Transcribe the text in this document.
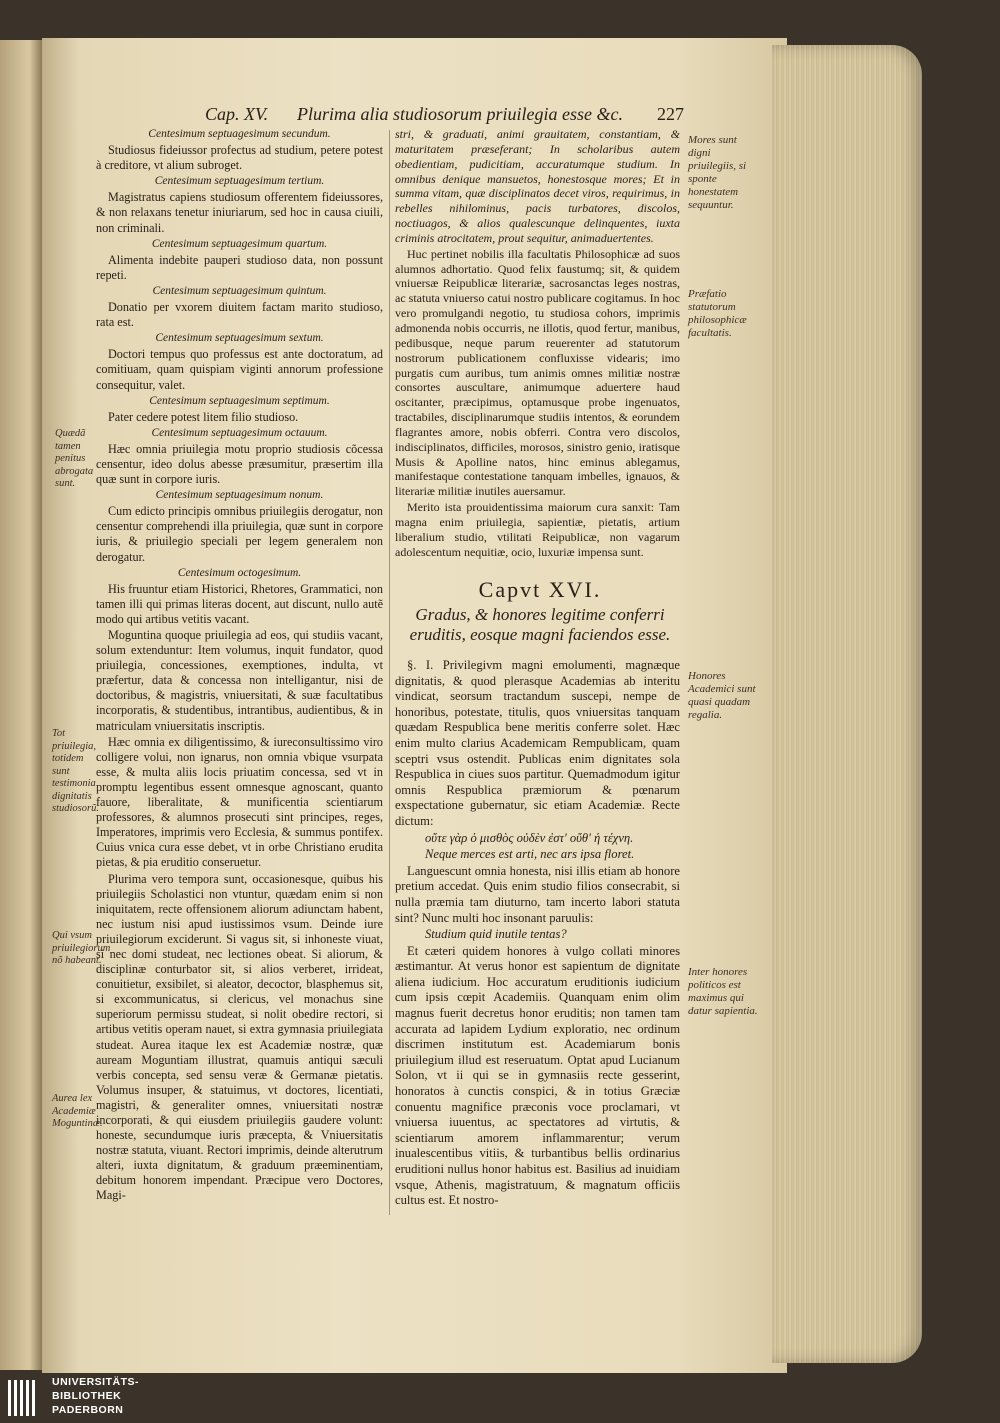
Cap. XV. Plurima alia studiosorum priuilegia esse &c. 227

Centesimum septuagesimum secundum.

Studiosus fideiussor profectus ad studium, petere potest à creditore, vt alium subroget.

Centesimum septuagesimum tertium.

Magistratus capiens studiosum offerentem fideiussores, & non relaxans tenetur iniuriarum, sed hoc in causa ciuili, non criminali.

Centesimum septuagesimum quartum.

Alimenta indebite pauperi studioso data, non possunt repeti.

Centesimum septuagesimum quintum.

Donatio per vxorem diuitem factam marito studioso, rata est.

Centesimum septuagesimum sextum.

Doctori tempus quo professus est ante doctoratum, ad comitiuam, quam quispiam viginti annorum professione consequitur, valet.

Centesimum septuagesimum septimum.

Pater cedere potest litem filio studioso.

Centesimum septuagesimum octauum.

Hæc omnia priuilegia motu proprio studiosis cõcessa censentur, ideo dolus abesse præsumitur, præsertim illa quæ sunt in corpore iuris.

Centesimum septuagesimum nonum.

Cum edicto principis omnibus priuilegiis derogatur, non censentur comprehendi illa priuilegia, quæ sunt in corpore iuris, & priuilegio speciali per legem generalem non derogatur.

Centesimum octogesimum.

His fruuntur etiam Historici, Rhetores, Grammatici, non tamen illi qui primas literas docent, aut discunt, nullo autẽ modo qui artibus vetitis vacant.

Moguntina quoque priuilegia ad eos, qui studiis vacant, solum extenduntur: Item volumus, inquit fundator, quod priuilegia, concessiones, exemptiones, indulta, vt præfertur, data & concessa non intelligantur, nisi de doctoribus, & magistris, vniuersitati, & suæ facultatibus incorporatis, & studentibus, intrantibus, audientibus, & in matriculam vniuersitatis inscriptis.

Hæc omnia ex diligentissimo, & iureconsultissimo viro colligere volui, non ignarus, non omnia vbique vsurpata esse, & multa aliis locis priuatim concessa, sed vt in promptu legentibus essent omnesque agnoscant, quanto fauore, liberalitate, & munificentia scientiarum professores, & alumnos prosecuti sint principes, reges, Imperatores, imprimis vero Ecclesia, & summus pontifex. Cuius vnica cura esse debet, vt in orbe Christiano erudita pietas, & pia eruditio conseruetur.

Plurima vero tempora sunt, occasionesque, quibus his priuilegiis Scholastici non vtuntur, quædam enim si non iniquitatem, recte offensionem aliorum adiunctam habent, nec iustum nisi apud iustissimos vsum. Deinde iure priuilegiorum exciderunt. Si vagus sit, si inhoneste viuat, si nec domi studeat, nec lectiones obeat. Si aliorum, & disciplinæ conturbator sit, si alios verberet, irrideat, conuitietur, exsibilet, si aleator, decoctor, blasphemus sit, si excommunicatus, si clericus, vel monachus sine superiorum permissu studeat, si nolit obedire rectori, si artibus vetitis operam nauet, si extra gymnasia priuilegiata studeat. Aurea itaque lex est Academiæ nostræ, quæ auream Moguntiam illustrat, quamuis antiqui sæculi verbis concepta, sed sensu veræ & Germanæ pietatis. Volumus insuper, & statuimus, vt doctores, licentiati, magistri, & generaliter omnes, vniuersitati nostræ incorporati, & qui eiusdem priuilegiis gaudere volunt: honeste, secundumque iuris præcepta, & Vniuersitatis nostræ statuta, viuant. Rectori imprimis, deinde alterutrum alteri, iuxta dignitatum, & graduum præeminentiam, debitum honorem impendant. Præcipue vero Doctores, Magi-

stri, & graduati, animi grauitatem, constantiam, & maturitatem præseferant; In scholaribus autem obedientiam, pudicitiam, accuratumque studium. In omnibus denique mansuetos, honestosque mores; Et in summa vitam, quæ disciplinatos decet viros, requirimus, in rebelles nihilominus, pacis turbatores, discolos, noctiuagos, & alios qualescunque delinquentes, iuxta criminis atrocitatem, prout sequitur, animaduertentes.

Huc pertinet nobilis illa facultatis Philosophicæ ad suos alumnos adhortatio. Quod felix faustumq; sit, & quidem vniuersæ Reipublicæ literariæ, sacrosanctas leges nostras, ac statuta vniuerso catui nostro publicare cogitamus. In hoc vero promulgandi negotio, tu studiosa cohors, imprimis admonenda nobis occurris, ne illotis, quod fertur, manibus, pedibusque, neque parum reuerenter ad statutorum nostrorum publicationem confluxisse videaris; imo purgatis cum auribus, tum animis omnes militiæ nostræ consortes auscultare, animumque aduertere haud oscitanter, præcipimus, optamusque probe ingenuatos, tractabiles, disciplinarumque studiis intentos, & eorundem flagrantes amore, nobis obferri. Contra vero discolos, indisciplinatos, difficiles, morosos, sinistro genio, iratisque Musis & Apolline natos, hinc eminus ablegamus, manifestaque contestatione tanquam imbelles, ignauos, & literariæ militiæ inutiles auersamur.

Merito ista prouidentissima maiorum cura sanxit: Tam magna enim priuilegia, sapientiæ, pietatis, artium liberalium studio, vtilitati Reipublicæ, non vagarum adolescentum nequitiæ, ocio, luxuriæ impensa sunt.

Capvt XVI.
Gradus, & honores legitime conferri eruditis, eosque magni faciendos esse.

§. I. Privilegivm magni emolumenti, magnæque dignitatis, & quod plerasque Academias ab interitu vindicat, seorsum tractandum suscepi, nempe de honoribus, potestate, titulis, quos vniuersitas tanquam quædam Respublica bene meritis conferre solet. Hæc enim multo clarius Academicam Rempublicam, quam sceptri vsus ostendit. Publicas enim dignitates sola Respublica in ciues suos partitur. Quemadmodum igitur omnis Respublica præmiorum & pœnarum exspectatione gubernatur, sic etiam Academiæ. Recte dictum:

οὔτε γὰρ ὁ μισθὸς οὐδὲν ἐστ' οὔθ' ἡ τέχνη.

Neque merces est arti, nec ars ipsa floret.

Languescunt omnia honesta, nisi illis etiam ab honore pretium accedat. Quis enim studio filios consecrabit, si nulla præmia tam diuturno, tam incerto labori statuta sint? Nunc multi hoc insonant paruulis:

Studium quid inutile tentas?

Et cæteri quidem honores à vulgo collati minores æstimantur. At verus honor est sapientum de dignitate aliena iudicium. Hoc accuratum eruditionis iudicium cum ipsis cœpit Academiis. Quanquam enim olim magnus fuerit decretus honor eruditis; non tamen tam accurata ad lapidem Lydium exploratio, nec ordinum discrimen institutum est. Academiarum bonis priuilegium illud est reseruatum. Optat apud Lucianum Solon, vt ii qui se in gymnasiis recte gesserint, honoratos à cunctis conspici, & in totius Græciæ conuentu magnifice præconis voce proclamari, vt vniuersa iuuentus, ac spectatores ad virtutis, & scientiarum amorem inflammarentur; verum inualescentibus vitiis, & turbantibus bellis ordinarius eruditioni nullus honor habitus est. Basilius ad inuidiam vsque, Athenis, magistratuum, & magnatum officiis cultus est. Et nostro-

Quædã tamen penitus abrogata sunt.
Tot priuilegia, totidem sunt testimonia dignitatis studiosorũ.
Qui vsum priuilegiorum nõ habeant.
Aurea lex Academiæ Moguntinæ.
Mores sunt digni priuilegiis, si sponte honestatem sequuntur.
Præfatio statutorum philosophicæ facultatis.
Honores Academici sunt quasi quadam regalia.
Inter honores politicos est maximus qui datur sapientia.
UNIVERSITÄTS-
BIBLIOTHEK
PADERBORN
